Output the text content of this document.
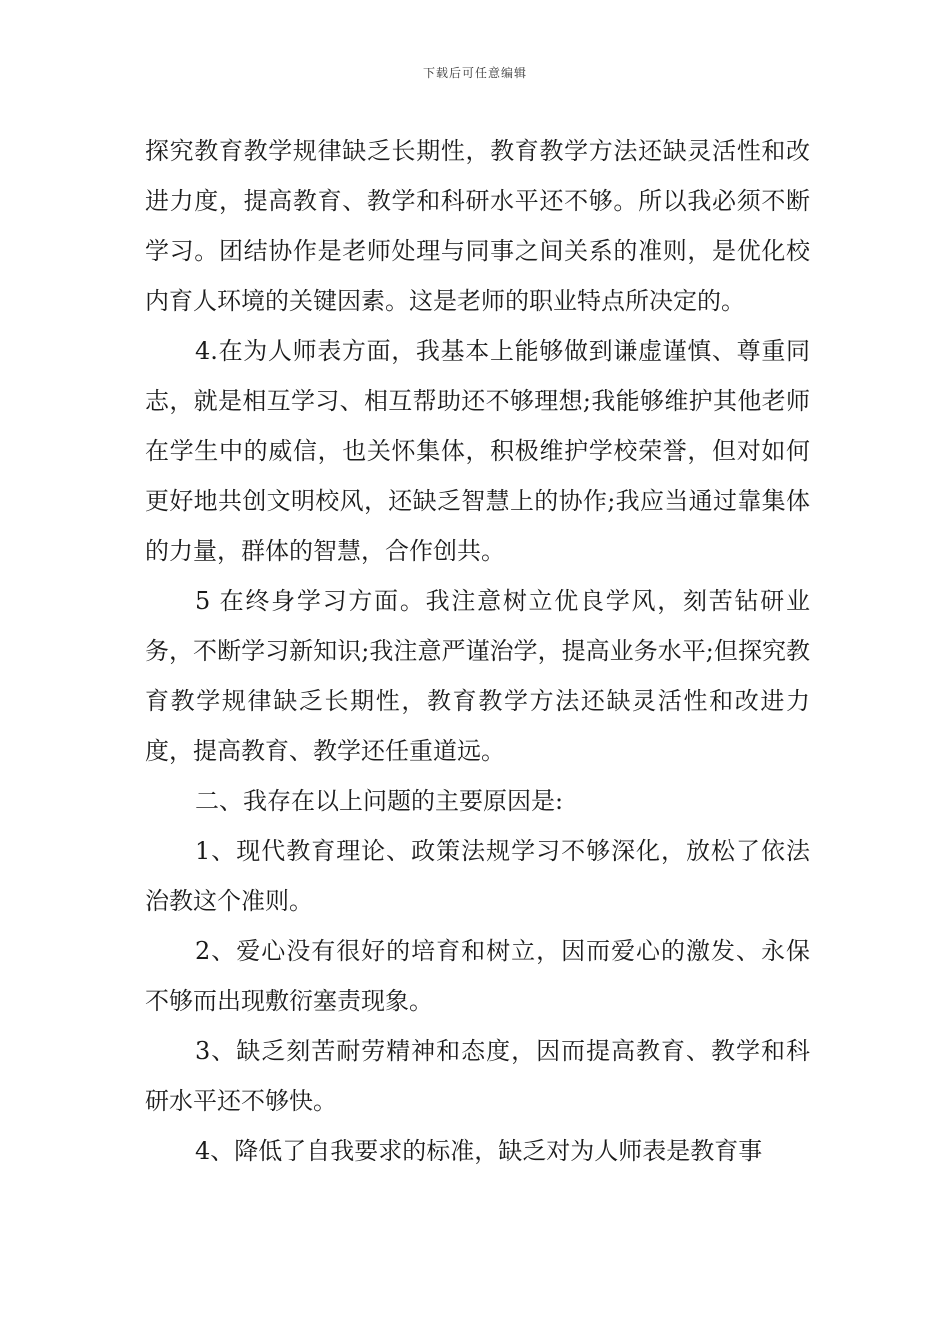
下载后可任意编辑

探究教育教学规律缺乏长期性，教育教学方法还缺灵活性和改进力度，提高教育、教学和科研水平还不够。所以我必须不断学习。团结协作是老师处理与同事之间关系的准则，是优化校内育人环境的关键因素。这是老师的职业特点所决定的。

4.在为人师表方面，我基本上能够做到谦虚谨慎、尊重同志，就是相互学习、相互帮助还不够理想;我能够维护其他老师在学生中的威信，也关怀集体，积极维护学校荣誉，但对如何更好地共创文明校风，还缺乏智慧上的协作;我应当通过靠集体的力量，群体的智慧，合作创共。

5 在终身学习方面。我注意树立优良学风，刻苦钻研业务，不断学习新知识;我注意严谨治学，提高业务水平;但探究教育教学规律缺乏长期性，教育教学方法还缺灵活性和改进力度，提高教育、教学还任重道远。

二、我存在以上问题的主要原因是:

1、现代教育理论、政策法规学习不够深化，放松了依法治教这个准则。

2、爱心没有很好的培育和树立，因而爱心的激发、永保不够而出现敷衍塞责现象。

3、缺乏刻苦耐劳精神和态度，因而提高教育、教学和科研水平还不够快。

4、降低了自我要求的标准，缺乏对为人师表是教育事
